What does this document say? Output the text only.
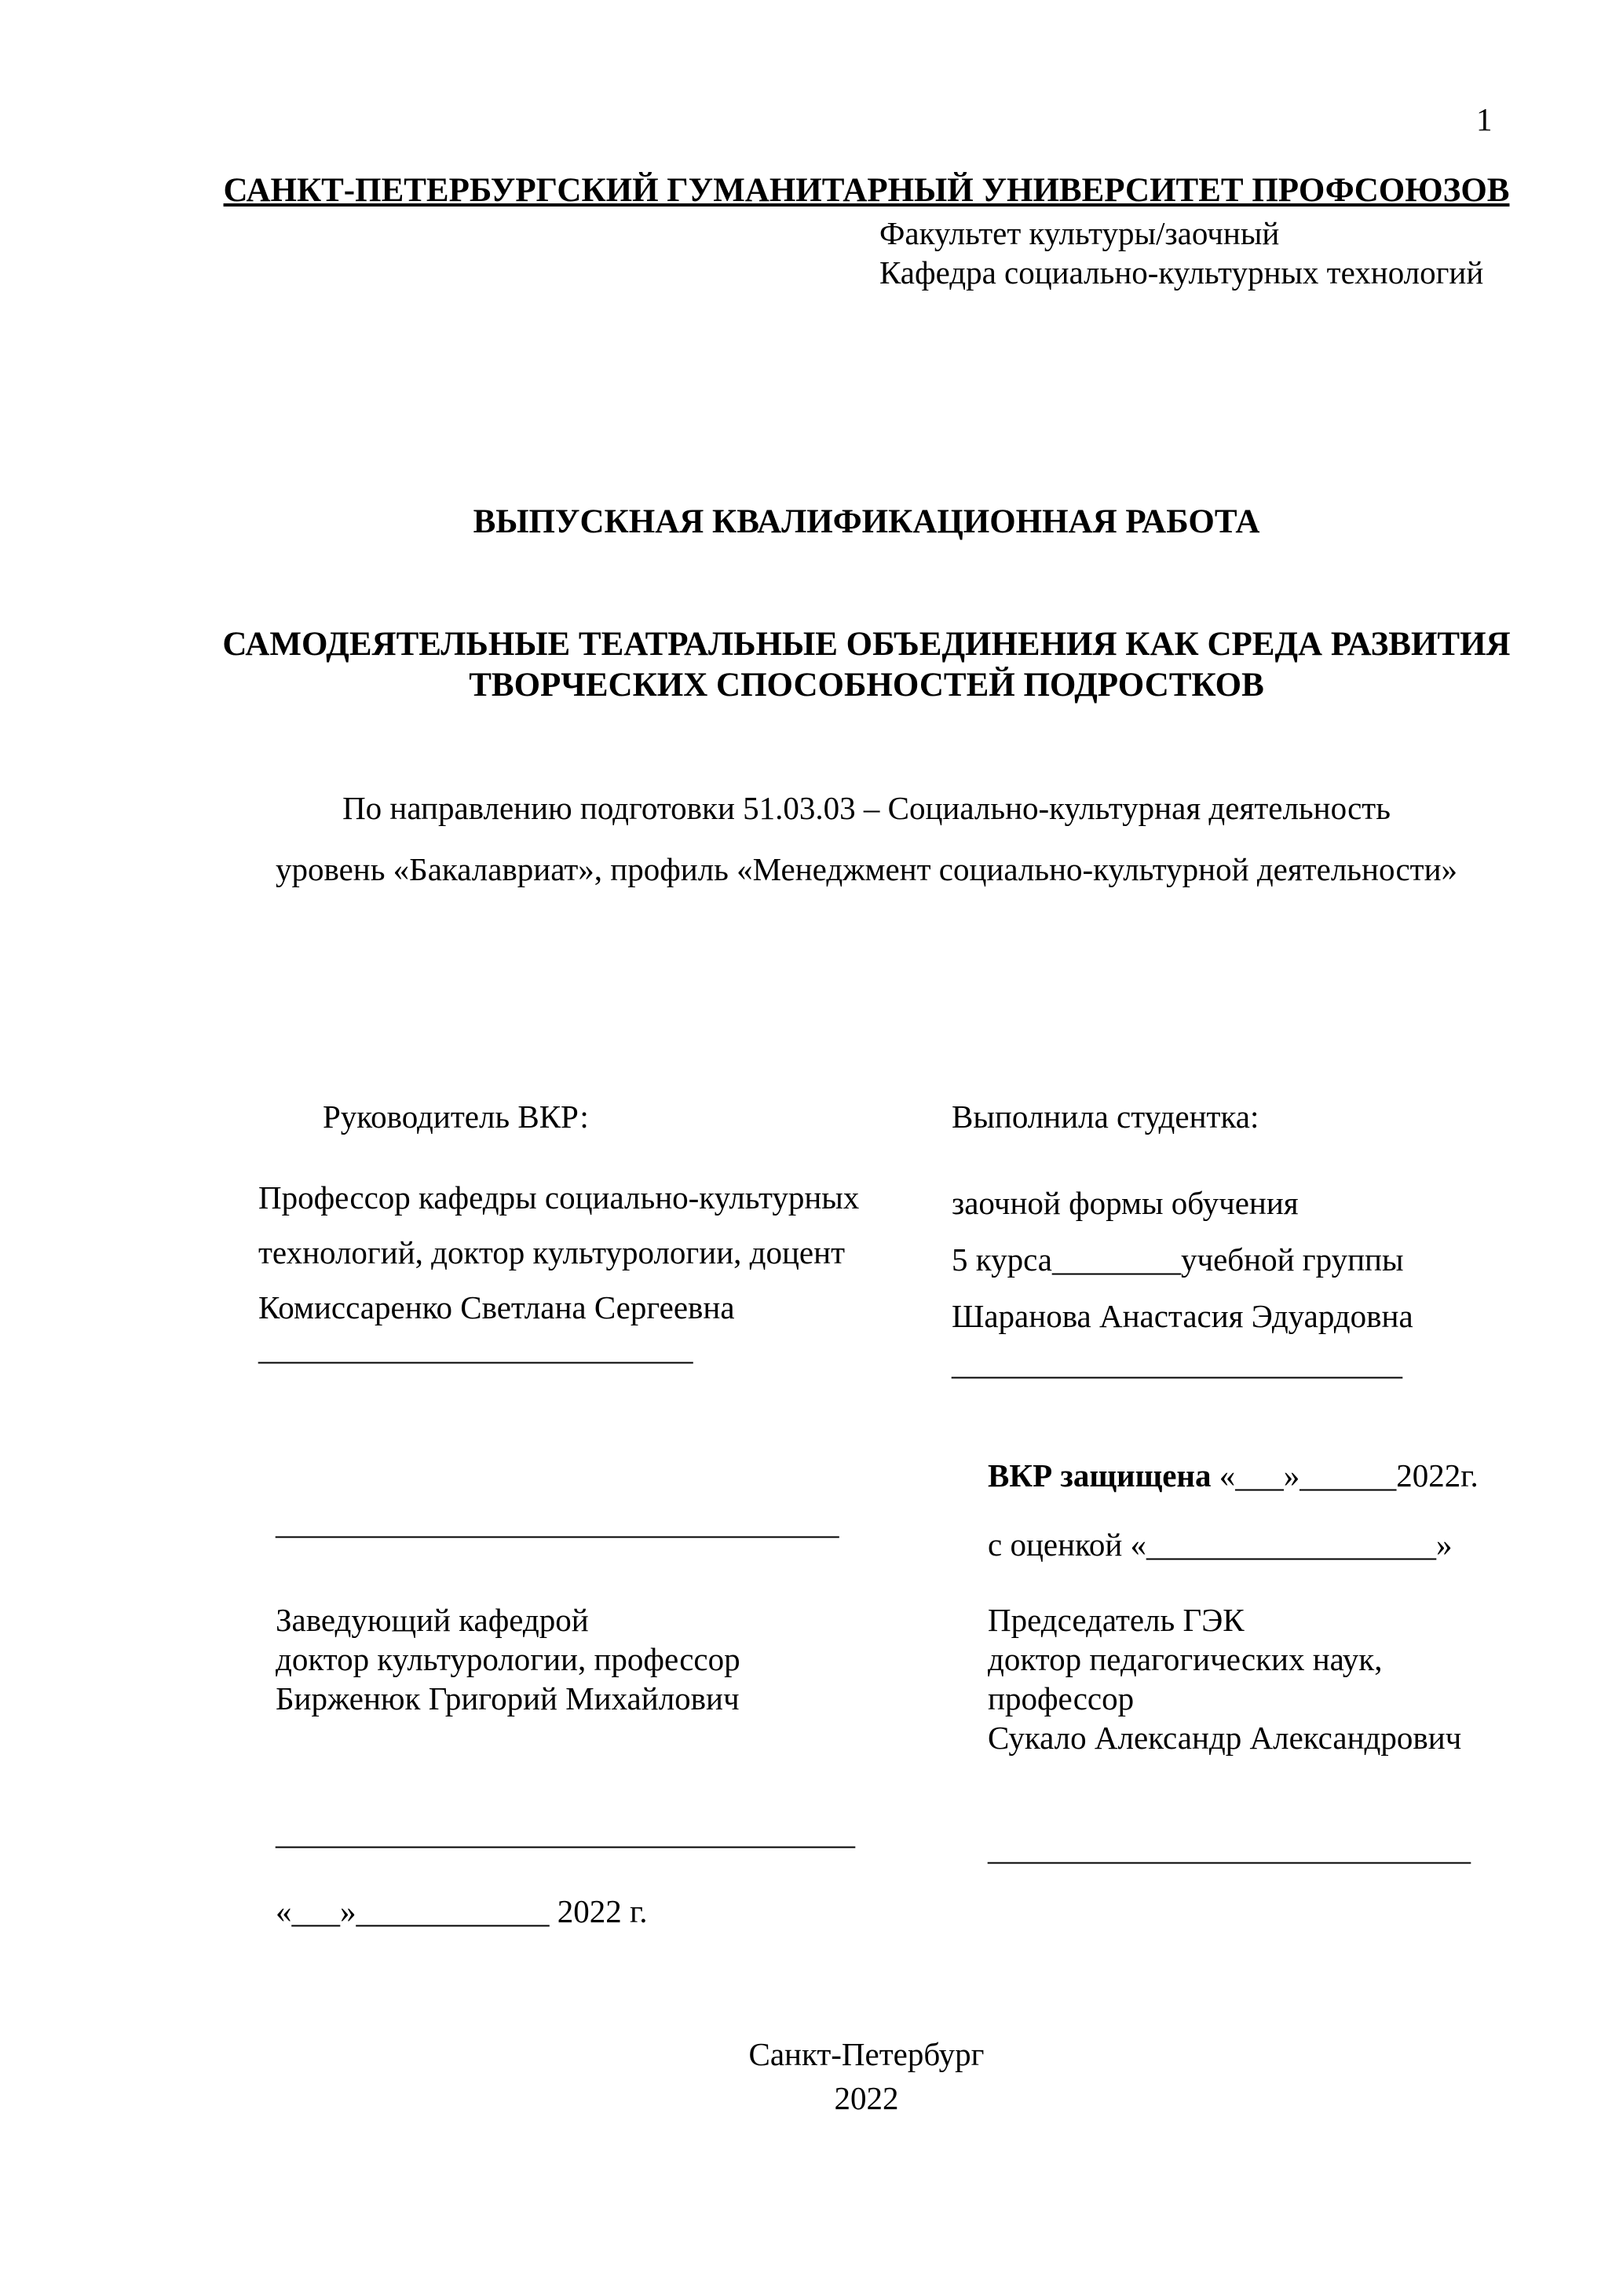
1
САНКТ-ПЕТЕРБУРГСКИЙ ГУМАНИТАРНЫЙ УНИВЕРСИТЕТ ПРОФСОЮЗОВ
Факультет культуры/заочный
Кафедра социально-культурных технологий
ВЫПУСКНАЯ КВАЛИФИКАЦИОННАЯ РАБОТА
САМОДЕЯТЕЛЬНЫЕ ТЕАТРАЛЬНЫЕ ОБЪЕДИНЕНИЯ КАК СРЕДА РАЗВИТИЯ
ТВОРЧЕСКИХ СПОСОБНОСТЕЙ ПОДРОСТКОВ
По направлению подготовки 51.03.03 – Социально-культурная деятельность
уровень «Бакалавриат», профиль «Менеджмент социально-культурной деятельности»
Руководитель ВКР:
Профессор кафедры социально-культурных
технологий, доктор культурологии, доцент
Комиссаренко Светлана Сергеевна
___________________________
Выполнила студентка:
заочной формы обучения
5 курса________учебной группы
Шаранова Анастасия Эдуардовна
____________________________
ВКР защищена «___»______2022г.
с оценкой «__________________»
Председатель ГЭК
доктор педагогических наук,
профессор
Сукало Александр Александрович
______________________________
___________________________________
Заведующий кафедрой
доктор культурологии, профессор
Бирженюк Григорий Михайлович
____________________________________
«___»____________ 2022 г.
Санкт-Петербург
2022
